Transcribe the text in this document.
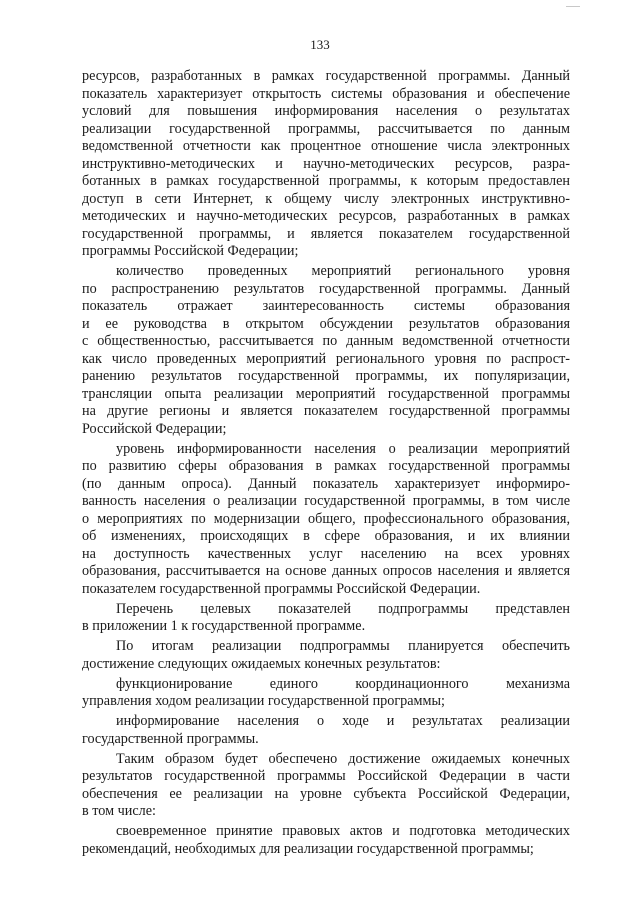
133
ресурсов, разработанных в рамках государственной программы. Данный
показатель характеризует открытость системы образования и обеспечение
условий для повышения информирования населения о результатах
реализации государственной программы, рассчитывается по данным
ведомственной отчетности как процентное отношение числа электронных
инструктивно-методических и научно-методических ресурсов, разра-
ботанных в рамках государственной программы, к которым предоставлен
доступ в сети Интернет, к общему числу электронных инструктивно-
методических и научно-методических ресурсов, разработанных в рамках
государственной программы, и является показателем государственной
программы Российской Федерации;
количество проведенных мероприятий регионального уровня
по распространению результатов государственной программы. Данный
показатель отражает заинтересованность системы образования
и ее руководства в открытом обсуждении результатов образования
с общественностью, рассчитывается по данным ведомственной отчетности
как число проведенных мероприятий регионального уровня по распрост-
ранению результатов государственной программы, их популяризации,
трансляции опыта реализации мероприятий государственной программы
на другие регионы и является показателем государственной программы
Российской Федерации;
уровень информированности населения о реализации мероприятий
по развитию сферы образования в рамках государственной программы
(по данным опроса). Данный показатель характеризует информиро-
ванность населения о реализации государственной программы, в том числе
о мероприятиях по модернизации общего, профессионального образования,
об изменениях, происходящих в сфере образования, и их влиянии
на доступность качественных услуг населению на всех уровнях
образования, рассчитывается на основе данных опросов населения и является
показателем государственной программы Российской Федерации.
Перечень целевых показателей подпрограммы представлен
в приложении 1 к государственной программе.
По итогам реализации подпрограммы планируется обеспечить
достижение следующих ожидаемых конечных результатов:
функционирование единого координационного механизма
управления ходом реализации государственной программы;
информирование населения о ходе и результатах реализации
государственной программы.
Таким образом будет обеспечено достижение ожидаемых конечных
результатов государственной программы Российской Федерации в части
обеспечения ее реализации на уровне субъекта Российской Федерации,
в том числе:
своевременное принятие правовых актов и подготовка методических
рекомендаций, необходимых для реализации государственной программы;
